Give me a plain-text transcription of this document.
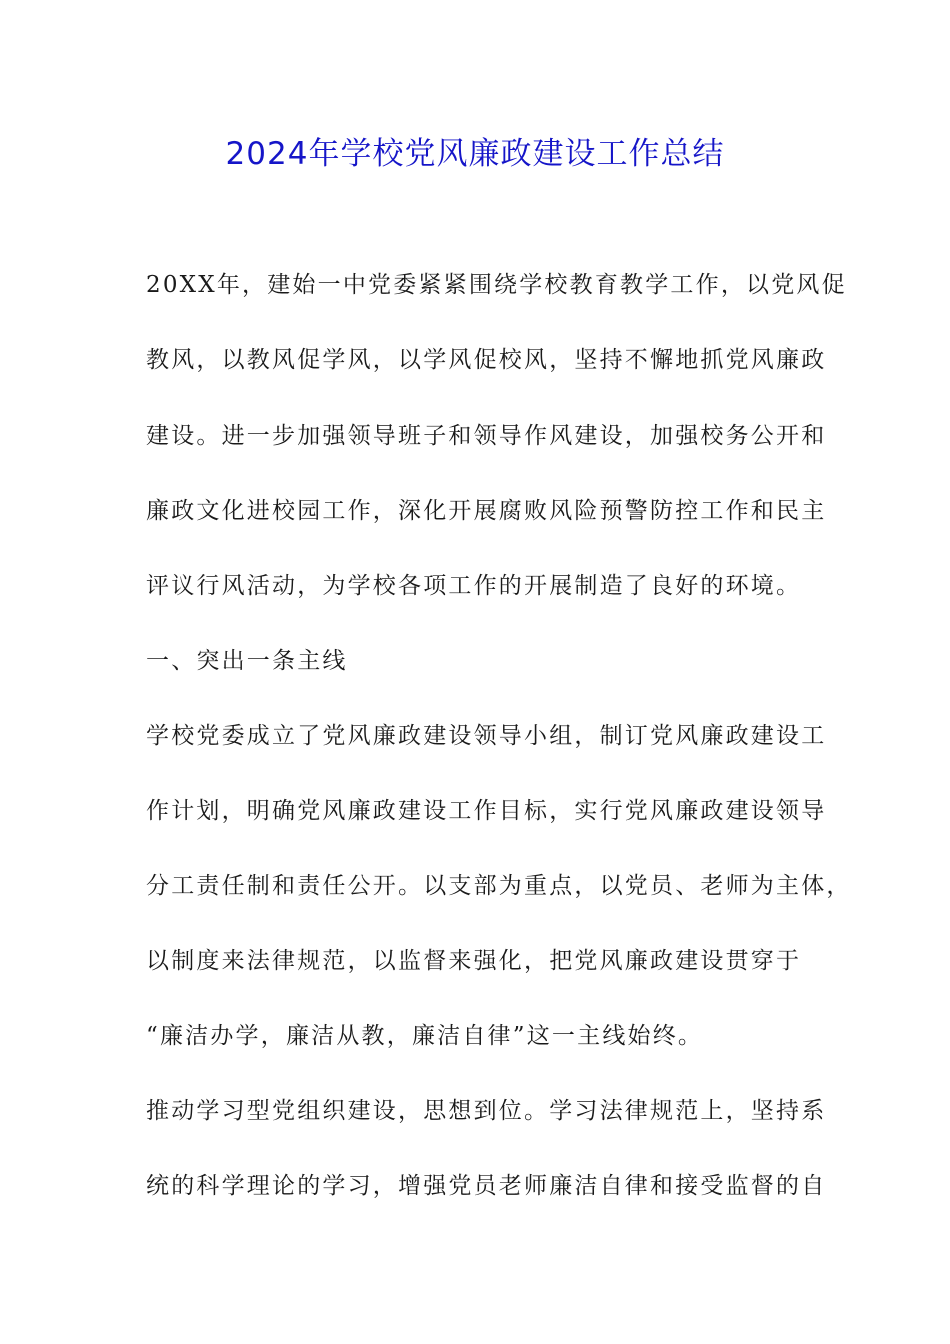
2024年学校党风廉政建设工作总结
20XX年，建始一中党委紧紧围绕学校教育教学工作，以党风促
教风，以教风促学风，以学风促校风，坚持不懈地抓党风廉政
建设。进一步加强领导班子和领导作风建设，加强校务公开和
廉政文化进校园工作，深化开展腐败风险预警防控工作和民主
评议行风活动，为学校各项工作的开展制造了良好的环境。
一、突出一条主线
学校党委成立了党风廉政建设领导小组，制订党风廉政建设工
作计划，明确党风廉政建设工作目标，实行党风廉政建设领导
分工责任制和责任公开。以支部为重点，以党员、老师为主体，
以制度来法律规范，以监督来强化，把党风廉政建设贯穿于
“廉洁办学，廉洁从教，廉洁自律”这一主线始终。
推动学习型党组织建设，思想到位。学习法律规范上，坚持系
统的科学理论的学习，增强党员老师廉洁自律和接受监督的自
